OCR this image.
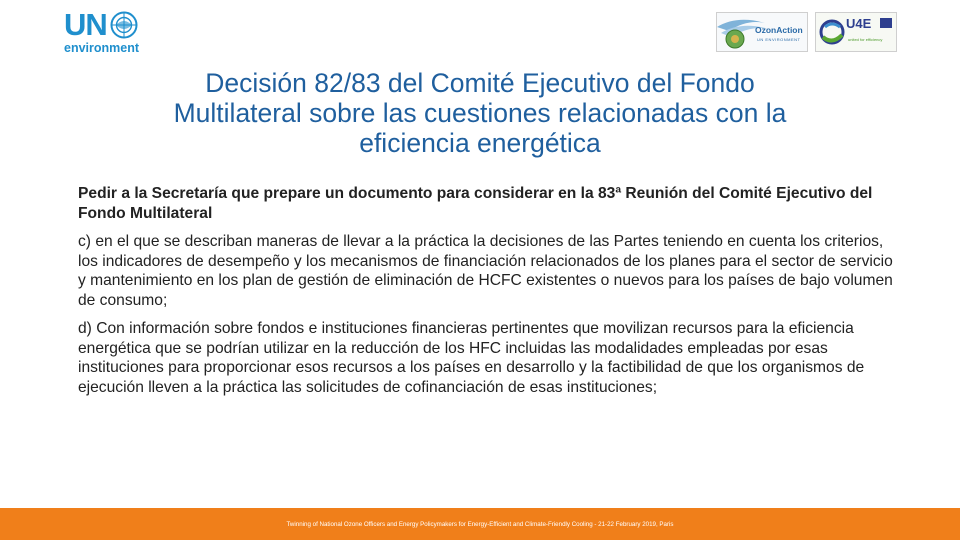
UN
environment
OzonAction
UN ENVIRONMENT
U4E
united for efficiency
Decisión 82/83 del Comité Ejecutivo del Fondo Multilateral sobre las cuestiones relacionadas con la eficiencia energética

Pedir a la Secretaría que prepare un documento para considerar en la 83ª Reunión del Comité Ejecutivo del Fondo Multilateral

c) en el que se describan maneras de llevar a la práctica la decisiones de las Partes teniendo en cuenta los criterios, los indicadores de desempeño y los mecanismos de financiación relacionados de los planes para el sector de servicio y mantenimiento en los plan de gestión de eliminación de HCFC existentes o nuevos para los países de bajo volumen de consumo;

d) Con información sobre fondos e instituciones financieras pertinentes que movilizan recursos para la eficiencia energética que se podrían utilizar en la reducción de los HFC incluidas las modalidades empleadas por esas instituciones para proporcionar esos recursos a los países en desarrollo y la factibilidad de que los organismos de ejecución lleven a la práctica las solicitudes de cofinanciación de esas instituciones;

Twinning of National Ozone Officers and Energy Policymakers for Energy-Efficient and Climate-Friendly Cooling - 21-22 February 2019, Paris
